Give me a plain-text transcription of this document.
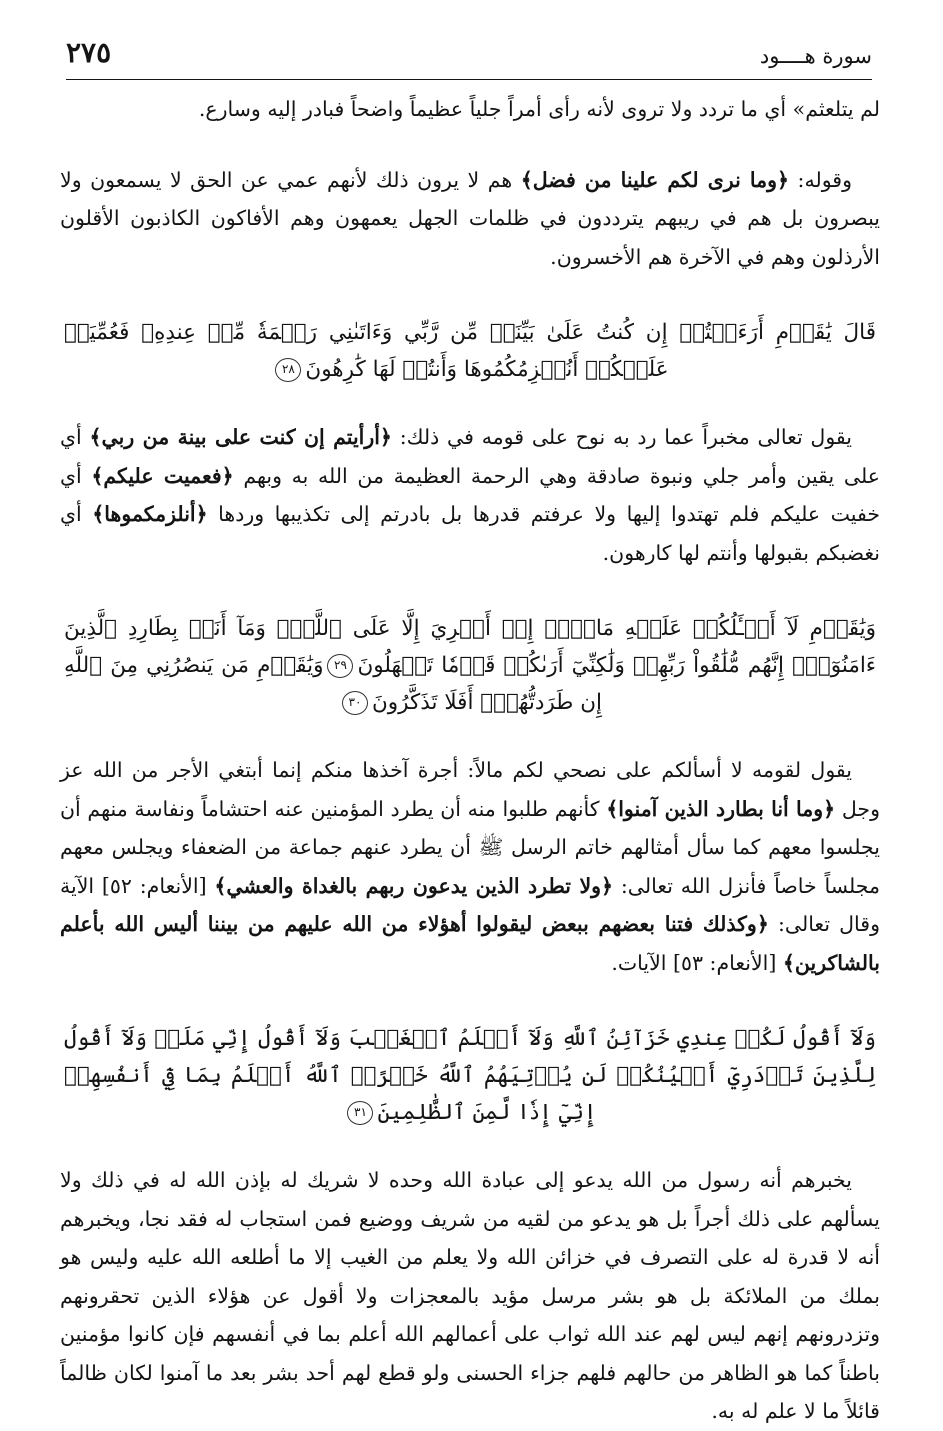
سورة هــــود
٢٧٥

لم يتلعثم» أي ما تردد ولا تروى لأنه رأى أمراً جلياً عظيماً واضحاً فبادر إليه وسارع.

وقوله: ﴿وما نرى لكم علينا من فضل﴾ هم لا يرون ذلك لأنهم عمي عن الحق لا يسمعون ولا يبصرون بل هم في ريبهم يترددون في ظلمات الجهل يعمهون وهم الأفاكون الكاذبون الأقلون الأرذلون وهم في الآخرة هم الأخسرون.

قَالَ يَٰقَوۡمِ أَرَءَيۡتُمۡ إِن كُنتُ عَلَىٰ بَيِّنَةٖ مِّن رَّبِّي وَءَاتَىٰنِي رَحۡمَةٗ مِّنۡ عِندِهِۦ فَعُمِّيَتۡ عَلَيۡكُمۡ أَنُلۡزِمُكُمُوهَا وَأَنتُمۡ لَهَا كَٰرِهُونَ٢٨

يقول تعالى مخبراً عما رد به نوح على قومه في ذلك: ﴿أرأيتم إن كنت على بينة من ربي﴾ أي على يقين وأمر جلي ونبوة صادقة وهي الرحمة العظيمة من الله به وبهم ﴿فعميت عليكم﴾ أي خفيت عليكم فلم تهتدوا إليها ولا عرفتم قدرها بل بادرتم إلى تكذيبها وردها ﴿أنلزمكموها﴾ أي نغضبكم بقبولها وأنتم لها كارهون.

وَيَٰقَوۡمِ لَآ أَسۡـَٔلُكُمۡ عَلَيۡهِ مَالًاۖ إِنۡ أَجۡرِيَ إِلَّا عَلَى ٱللَّهِۚ وَمَآ أَنَا۠ بِطَارِدِ ٱلَّذِينَ ءَامَنُوٓاْۚ إِنَّهُم مُّلَٰقُواْ رَبِّهِمۡ وَلَٰكِنِّيٓ أَرَىٰكُمۡ قَوۡمٗا تَجۡهَلُونَ٢٩وَيَٰقَوۡمِ مَن يَنصُرُنِي مِنَ ٱللَّهِ إِن طَرَدتُّهُمۡۚ أَفَلَا تَذَكَّرُونَ٣٠

يقول لقومه لا أسألكم على نصحي لكم مالاً: أجرة آخذها منكم إنما أبتغي الأجر من الله عز وجل ﴿وما أنا بطارد الذين آمنوا﴾ كأنهم طلبوا منه أن يطرد المؤمنين عنه احتشاماً ونفاسة منهم أن يجلسوا معهم كما سأل أمثالهم خاتم الرسل ﷺ أن يطرد عنهم جماعة من الضعفاء ويجلس معهم مجلساً خاصاً فأنزل الله تعالى: ﴿ولا تطرد الذين يدعون ربهم بالغداة والعشي﴾ [الأنعام: ٥٢] الآية وقال تعالى: ﴿وكذلك فتنا بعضهم ببعض ليقولوا أهؤلاء من الله عليهم من بيننا أليس الله بأعلم بالشاكرين﴾ [الأنعام: ٥٣] الآيات.

وَلَآ أَقُولُ لَكُمۡ عِندِي خَزَآئِنُ ٱللَّهِ وَلَآ أَعۡلَمُ ٱلۡغَيۡبَ وَلَآ أَقُولُ إِنِّي مَلَكٞ وَلَآ أَقُولُ لِلَّذِينَ تَزۡدَرِيٓ أَعۡيُنُكُمۡ لَن يُؤۡتِيَهُمُ ٱللَّهُ خَيۡرًاۖ ٱللَّهُ أَعۡلَمُ بِمَا فِيٓ أَنفُسِهِمۡ إِنِّيٓ إِذٗا لَّمِنَ ٱلظَّٰلِمِينَ٣١

يخبرهم أنه رسول من الله يدعو إلى عبادة الله وحده لا شريك له بإذن الله له في ذلك ولا يسألهم على ذلك أجراً بل هو يدعو من لقيه من شريف ووضيع فمن استجاب له فقد نجا، ويخبرهم أنه لا قدرة له على التصرف في خزائن الله ولا يعلم من الغيب إلا ما أطلعه الله عليه وليس هو بملك من الملائكة بل هو بشر مرسل مؤيد بالمعجزات ولا أقول عن هؤلاء الذين تحقرونهم وتزدرونهم إنهم ليس لهم عند الله ثواب على أعمالهم الله أعلم بما في أنفسهم فإن كانوا مؤمنين باطناً كما هو الظاهر من حالهم فلهم جزاء الحسنى ولو قطع لهم أحد بشر بعد ما آمنوا لكان ظالماً قائلاً ما لا علم له به.
